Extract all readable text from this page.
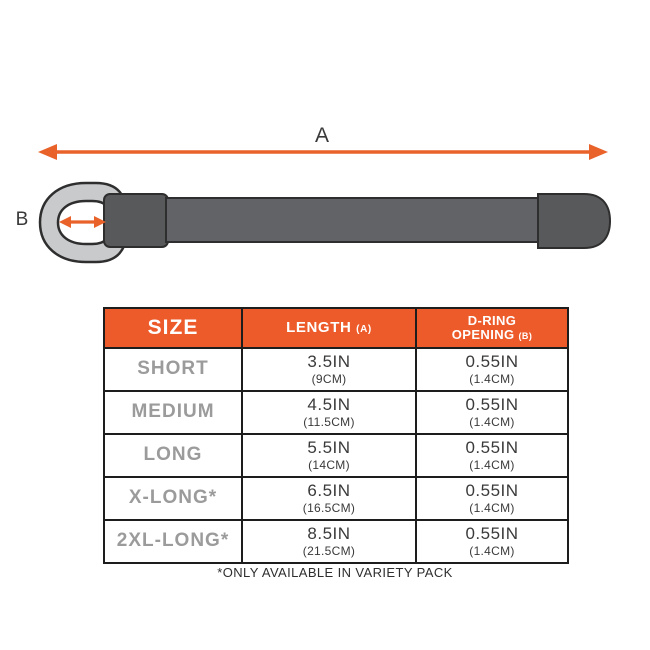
A
B
SIZE	LENGTH (A)	D-RING
OPENING (B)
SHORT	3.5IN
(9CM)	0.55IN
(1.4CM)

MEDIUM	4.5IN
(11.5CM)	0.55IN
(1.4CM)

LONG	5.5IN
(14CM)	0.55IN
(1.4CM)

X-LONG*	6.5IN
(16.5CM)	0.55IN
(1.4CM)

2XL-LONG*	8.5IN
(21.5CM)	0.55IN
(1.4CM)
*ONLY AVAILABLE IN VARIETY PACK
